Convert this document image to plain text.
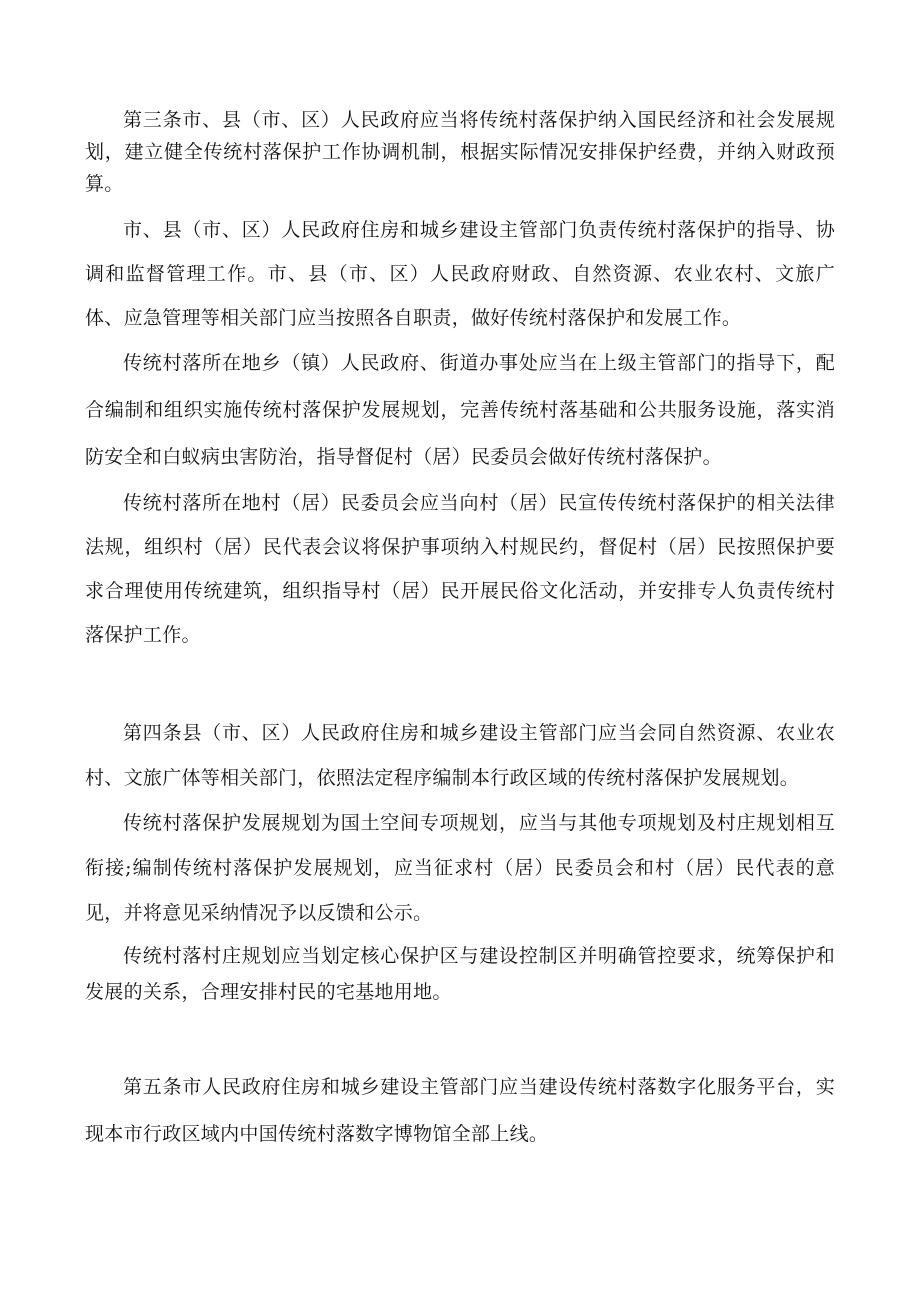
第三条市、县（市、区）人民政府应当将传统村落保护纳入国民经济和社会发展规划，建立健全传统村落保护工作协调机制，根据实际情况安排保护经费，并纳入财政预算。

市、县（市、区）人民政府住房和城乡建设主管部门负责传统村落保护的指导、协调和监督管理工作。市、县（市、区）人民政府财政、自然资源、农业农村、文旅广体、应急管理等相关部门应当按照各自职责，做好传统村落保护和发展工作。

传统村落所在地乡（镇）人民政府、街道办事处应当在上级主管部门的指导下，配合编制和组织实施传统村落保护发展规划，完善传统村落基础和公共服务设施，落实消防安全和白蚁病虫害防治，指导督促村（居）民委员会做好传统村落保护。

传统村落所在地村（居）民委员会应当向村（居）民宣传传统村落保护的相关法律法规，组织村（居）民代表会议将保护事项纳入村规民约，督促村（居）民按照保护要求合理使用传统建筑，组织指导村（居）民开展民俗文化活动，并安排专人负责传统村落保护工作。

第四条县（市、区）人民政府住房和城乡建设主管部门应当会同自然资源、农业农村、文旅广体等相关部门，依照法定程序编制本行政区域的传统村落保护发展规划。

传统村落保护发展规划为国土空间专项规划，应当与其他专项规划及村庄规划相互衔接;编制传统村落保护发展规划，应当征求村（居）民委员会和村（居）民代表的意见，并将意见采纳情况予以反馈和公示。

传统村落村庄规划应当划定核心保护区与建设控制区并明确管控要求，统筹保护和发展的关系，合理安排村民的宅基地用地。

第五条市人民政府住房和城乡建设主管部门应当建设传统村落数字化服务平台，实现本市行政区域内中国传统村落数字博物馆全部上线。
